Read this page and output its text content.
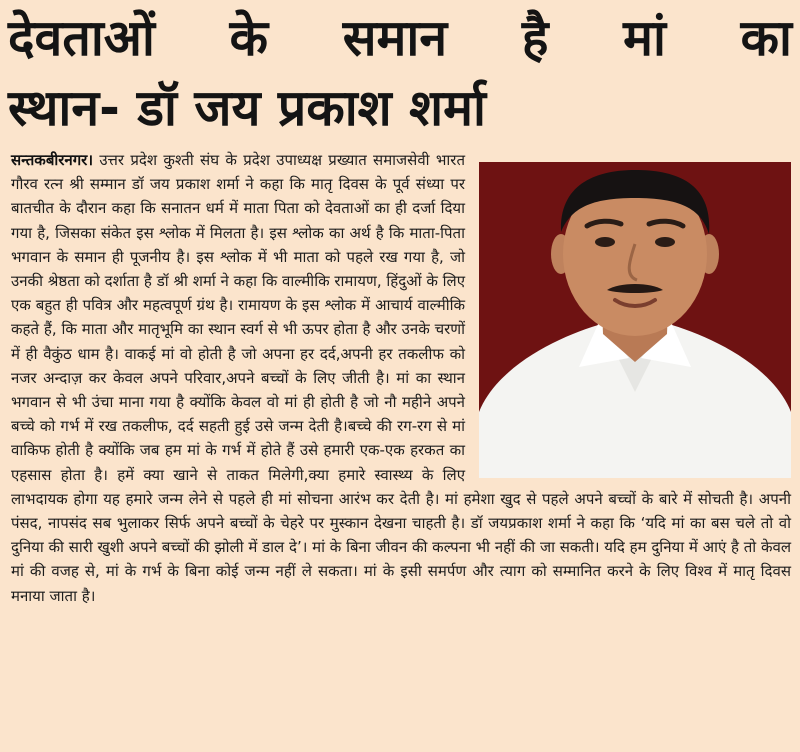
देवताओं के समान है मां का
स्थान- डॉ जय प्रकाश शर्मा
सन्तकबीरनगर। उत्तर प्रदेश कुश्ती संघ के प्रदेश उपाध्यक्ष प्रख्यात समाजसेवी भारत गौरव रत्न श्री सम्मान डॉ जय प्रकाश शर्मा ने कहा कि मातृ दिवस के पूर्व संध्या पर बातचीत के दौरान कहा कि सनातन धर्म में माता पिता को देवताओं का ही दर्जा दिया गया है, जिसका संकेत इस श्लोक में मिलता है। इस श्लोक का अर्थ है कि माता-पिता भगवान के समान ही पूजनीय है। इस श्लोक में भी माता को पहले रख गया है, जो उनकी श्रेष्ठता को दर्शाता है डॉ श्री शर्मा ने कहा कि वाल्मीकि रामायण, हिंदुओं के लिए एक बहुत ही पवित्र और महत्वपूर्ण ग्रंथ है। रामायण के इस श्लोक में आचार्य वाल्मीकि कहते हैं, कि माता और मातृभूमि का स्थान स्वर्ग से भी ऊपर होता है और उनके चरणों में ही वैकुंठ धाम है। वाकई मां वो होती है जो अपना हर दर्द,अपनी हर तकलीफ को नजर अन्दाज़ कर केवल अपने परिवार,अपने बच्चों के लिए जीती है। मां का स्थान भगवान से भी उंचा माना गया है क्योंकि केवल वो मां ही होती है जो नौ महीने अपने बच्चे को गर्भ में रख तकलीफ, दर्द सहती हुई उसे जन्म देती है।बच्चे की रग-रग से मां वाकिफ होती है क्योंकि जब हम मां के गर्भ में होते हैं उसे हमारी एक-एक हरकत का एहसास होता है। हमें क्या खाने से ताकत मिलेगी,क्या हमारे स्वास्थ्य के लिए लाभदायक होगा यह हमारे जन्म लेने से पहले ही मां सोचना आरंभ कर देती है। मां हमेशा खुद से पहले अपने बच्चों के बारे में सोचती है। अपनी पंसद, नापसंद सब भुलाकर सिर्फ अपने बच्चों के चेहरे पर मुस्कान देखना चाहती है। डॉ जयप्रकाश शर्मा ने कहा कि ‘यदि मां का बस चले तो वो दुनिया की सारी खुशी अपने बच्चों की झोली में डाल दे’। मां के बिना जीवन की कल्पना भी नहीं की जा सकती। यदि हम दुनिया में आएं है तो केवल मां की वजह से, मां के गर्भ के बिना कोई जन्म नहीं ले सकता। मां के इसी समर्पण और त्याग को सम्मानित करने के लिए विश्व में मातृ दिवस मनाया जाता है।
